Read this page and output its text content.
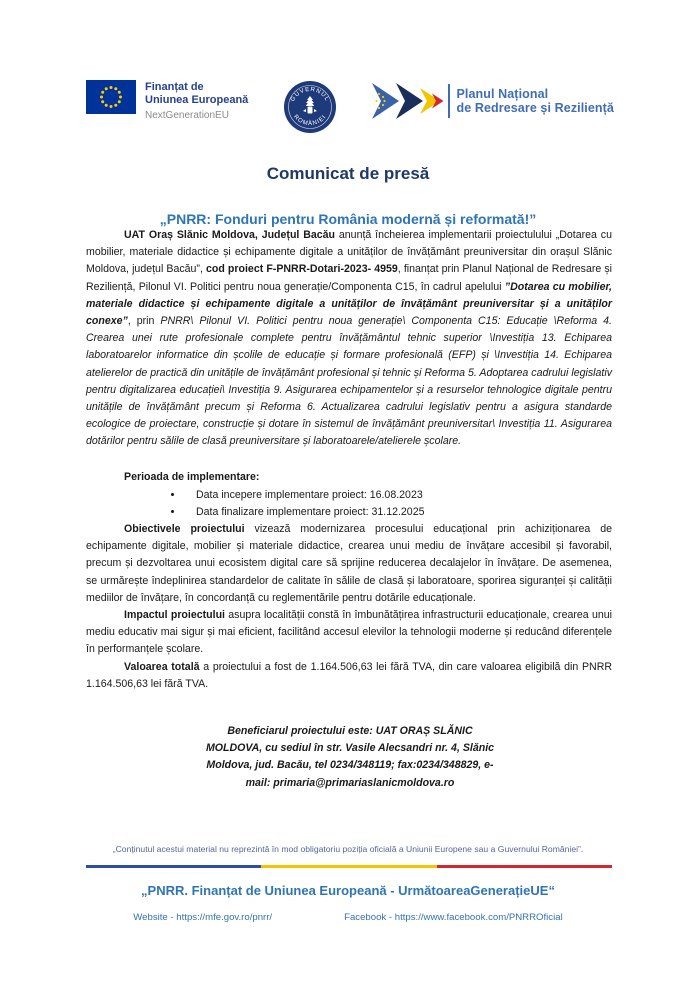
Finanțat de
Uniunea Europeană
NextGenerationEU
GUVERNUL
ROMÂNIEI
Planul Național
de Redresare și Reziliență
Comunicat de presă
„PNRR: Fonduri pentru România modernă și reformată!”

UAT Oraș Slănic Moldova, Județul Bacău anunță încheierea implementarii proiectulului „Dotarea cu mobilier, materiale didactice și echipamente digitale a unităților de învățământ preuniversitar din orașul Slănic Moldova, județul Bacău”, cod proiect F-PNRR-Dotari-2023- 4959, finanțat prin Planul Național de Redresare și Reziliență, Pilonul VI. Politici pentru noua generație/Componenta C15, în cadrul apelului ”Dotarea cu mobilier, materiale didactice și echipamente digitale a unităților de învățământ preuniversitar și a unităților conexe”, prin PNRR\ Pilonul VI. Politici pentru noua generație\ Componenta C15: Educație \Reforma 4. Crearea unei rute profesionale complete pentru învățământul tehnic superior \Investiția 13. Echiparea laboratoarelor informatice din școlile de educație și formare profesională (EFP) și \Investiția 14. Echiparea atelierelor de practică din unitățile de învățământ profesional și tehnic și Reforma 5. Adoptarea cadrului legislativ pentru digitalizarea educației\ Investiția 9. Asigurarea echipamentelor și a resurselor tehnologice digitale pentru unitățile de învățământ precum și Reforma 6. Actualizarea cadrului legislativ pentru a asigura standarde ecologice de proiectare, construcție și dotare în sistemul de învățământ preuniversitar\ Investiția 11. Asigurarea dotărilor pentru sălile de clasă preuniversitare și laboratoarele/atelierele școlare.

Perioada de implementare:
• Data incepere implementare proiect: 16.08.2023
• Data finalizare implementare proiect: 31.12.2025

Obiectivele proiectului vizează modernizarea procesului educațional prin achiziționarea de echipamente digitale, mobilier și materiale didactice, crearea unui mediu de învățare accesibil și favorabil, precum și dezvoltarea unui ecosistem digital care să sprijine reducerea decalajelor în învățare. De asemenea, se urmărește îndeplinirea standardelor de calitate în sălile de clasă și laboratoare, sporirea siguranței și calității mediilor de învățare, în concordanță cu reglementările pentru dotările educaționale.

Impactul proiectului asupra localității constă în îmbunătățirea infrastructurii educaționale, crearea unui mediu educativ mai sigur și mai eficient, facilitând accesul elevilor la tehnologii moderne și reducând diferențele în performanțele școlare.

Valoarea totală a proiectului a fost de 1.164.506,63 lei fără TVA, din care valoarea eligibilă din PNRR 1.164.506,63 lei fără TVA.

Beneficiarul proiectului este: UAT ORAȘ SLĂNIC MOLDOVA, cu sediul în str. Vasile Alecsandri nr. 4, Slănic Moldova, jud. Bacău, tel 0234/348119; fax:0234/348829, e-mail: primaria@primariaslanicmoldova.ro

„Conținutul acestui material nu reprezintă în mod obligatoriu poziția oficială a Uniunii Europene sau a Guvernului României”.
„PNRR. Finanțat de Uniunea Europeană - UrmătoareaGenerațieUE“
Website - https://mfe.gov.ro/pnrr/	Facebook - https://www.facebook.com/PNRROficial
